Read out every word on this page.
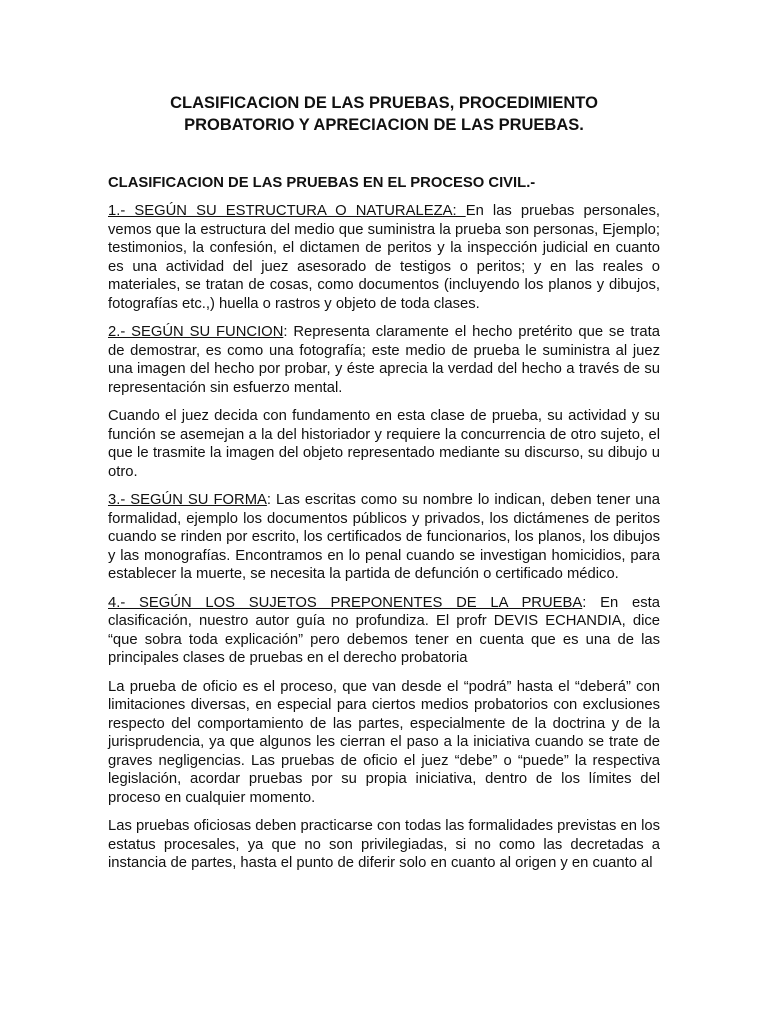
CLASIFICACION DE LAS PRUEBAS, PROCEDIMIENTO
PROBATORIO Y APRECIACION DE LAS PRUEBAS.
CLASIFICACION DE LAS PRUEBAS EN EL PROCESO CIVIL.-

1.- SEGÚN SU ESTRUCTURA O NATURALEZA: En las pruebas personales, vemos que la estructura del medio que suministra la prueba son personas, Ejemplo; testimonios, la confesión, el dictamen de peritos y la inspección judicial en cuanto es una actividad del juez asesorado de testigos o peritos; y en las reales o materiales, se tratan de cosas, como documentos (incluyendo los planos y dibujos, fotografías etc.,) huella o rastros y objeto de toda clases.

2.- SEGÚN SU FUNCION: Representa claramente el hecho pretérito que se trata de demostrar, es como una fotografía; este medio de prueba le suministra al juez una imagen del hecho por probar, y éste aprecia la verdad del hecho a través de su representación sin esfuerzo mental.

Cuando el juez decida con fundamento en esta clase de prueba, su actividad y su función se asemejan a la del historiador y requiere la concurrencia de otro sujeto, el que le trasmite la imagen del objeto representado mediante su discurso, su dibujo u otro.

3.- SEGÚN SU FORMA: Las escritas como su nombre lo indican, deben tener una formalidad, ejemplo los documentos públicos y privados, los dictámenes de peritos cuando se rinden por escrito, los certificados de funcionarios, los planos, los dibujos y las monografías. Encontramos en lo penal cuando se investigan homicidios, para establecer la muerte, se necesita la partida de defunción o certificado médico.

4.- SEGÚN LOS SUJETOS PREPONENTES DE LA PRUEBA: En esta clasificación, nuestro autor guía no profundiza. El profr DEVIS ECHANDIA, dice “que sobra toda explicación” pero debemos tener en cuenta que es una de las principales clases de pruebas en el derecho probatoria

La prueba de oficio es el proceso, que van desde el “podrá” hasta el “deberá” con limitaciones diversas, en especial para ciertos medios probatorios con exclusiones respecto del comportamiento de las partes, especialmente de la doctrina y de la jurisprudencia, ya que algunos les cierran el paso a la iniciativa cuando se trate de graves negligencias. Las pruebas de oficio el juez “debe” o “puede” la respectiva legislación, acordar pruebas por su propia iniciativa, dentro de los límites del proceso en cualquier momento.

Las pruebas oficiosas deben practicarse con todas las formalidades previstas en los estatus procesales, ya que no son privilegiadas, si no como las decretadas a instancia de partes, hasta el punto de diferir solo en cuanto al origen y en cuanto al
